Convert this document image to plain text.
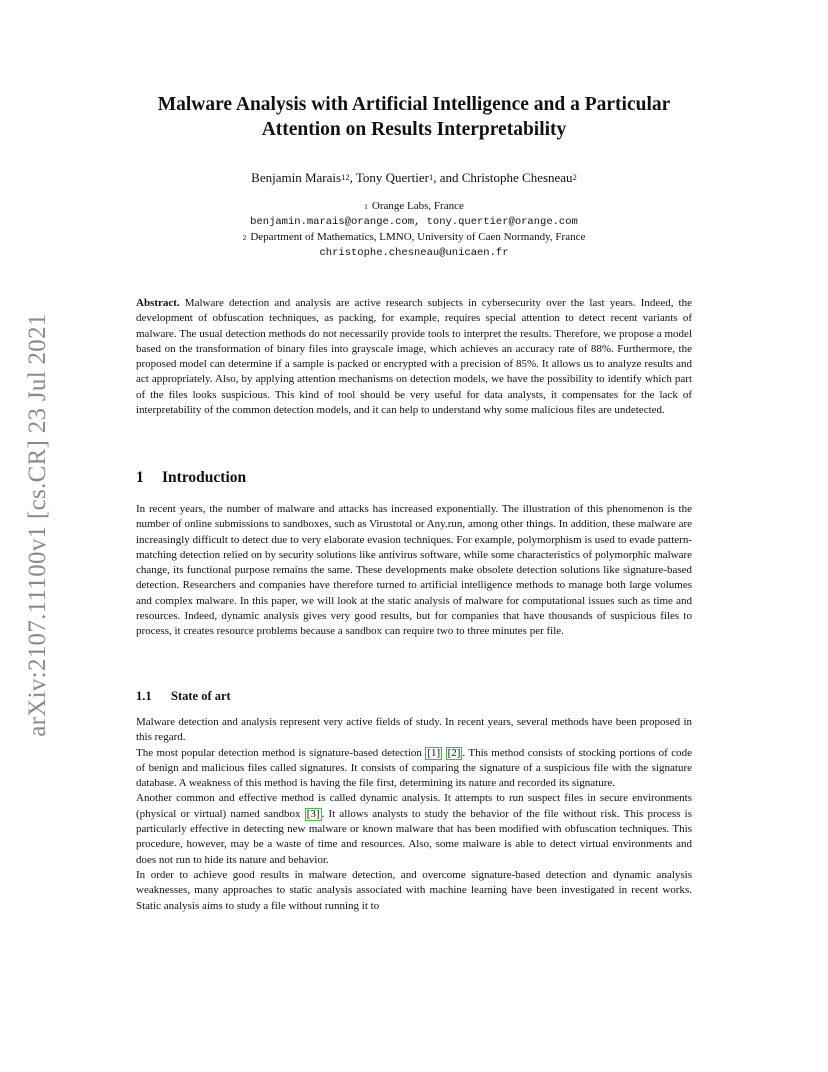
arXiv:2107.11100v1 [cs.CR] 23 Jul 2021
Malware Analysis with Artificial Intelligence and a Particular
Attention on Results Interpretability
Benjamin Marais$^{12}$, Tony Quertier$^1$, and Christophe Chesneau$^2$
$^1$ Orange Labs, France
benjamin.marais@orange.com, tony.quertier@orange.com
$^2$ Department of Mathematics, LMNO, University of Caen Normandy, France
christophe.chesneau@unicaen.fr
Abstract. Malware detection and analysis are active research subjects in cybersecurity over the last years. Indeed, the development of obfuscation techniques, as packing, for example, requires special attention to detect recent variants of malware. The usual detection methods do not necessarily provide tools to interpret the results. Therefore, we propose a model based on the transformation of binary files into grayscale image, which achieves an accuracy rate of 88%. Furthermore, the proposed model can determine if a sample is packed or encrypted with a precision of 85%. It allows us to analyze results and act appropriately. Also, by applying attention mechanisms on detection models, we have the possibility to identify which part of the files looks suspicious. This kind of tool should be very useful for data analysts, it compensates for the lack of interpretability of the common detection models, and it can help to understand why some malicious files are undetected.
1 Introduction
In recent years, the number of malware and attacks has increased exponentially. The illustration of this phenomenon is the number of online submissions to sandboxes, such as Virustotal or Any.run, among other things. In addition, these malware are increasingly difficult to detect due to very elaborate evasion techniques. For example, polymorphism is used to evade pattern-matching detection relied on by security solutions like antivirus software, while some characteristics of polymorphic malware change, its functional purpose remains the same. These developments make obsolete detection solutions like signature-based detection. Researchers and companies have therefore turned to artificial intelligence methods to manage both large volumes and complex malware. In this paper, we will look at the static analysis of malware for computational issues such as time and resources. Indeed, dynamic analysis gives very good results, but for companies that have thousands of suspicious files to process, it creates resource problems because a sandbox can require two to three minutes per file.
1.1 State of art

Malware detection and analysis represent very active fields of study. In recent years, several methods have been proposed in this regard.

The most popular detection method is signature-based detection [1] [2] . This method consists of stocking portions of code of benign and malicious files called signatures. It consists of comparing the signature of a suspicious file with the signature database. A weakness of this method is having the file first, determining its nature and recorded its signature.

Another common and effective method is called dynamic analysis. It attempts to run suspect files in secure environments (physical or virtual) named sandbox [3] . It allows analysts to study the behavior of the file without risk. This process is particularly effective in detecting new malware or known malware that has been modified with obfuscation techniques. This procedure, however, may be a waste of time and resources. Also, some malware is able to detect virtual environments and does not run to hide its nature and behavior.

In order to achieve good results in malware detection, and overcome signature-based detection and dynamic analysis weaknesses, many approaches to static analysis associated with machine learning have been investigated in recent works. Static analysis aims to study a file without running it to
